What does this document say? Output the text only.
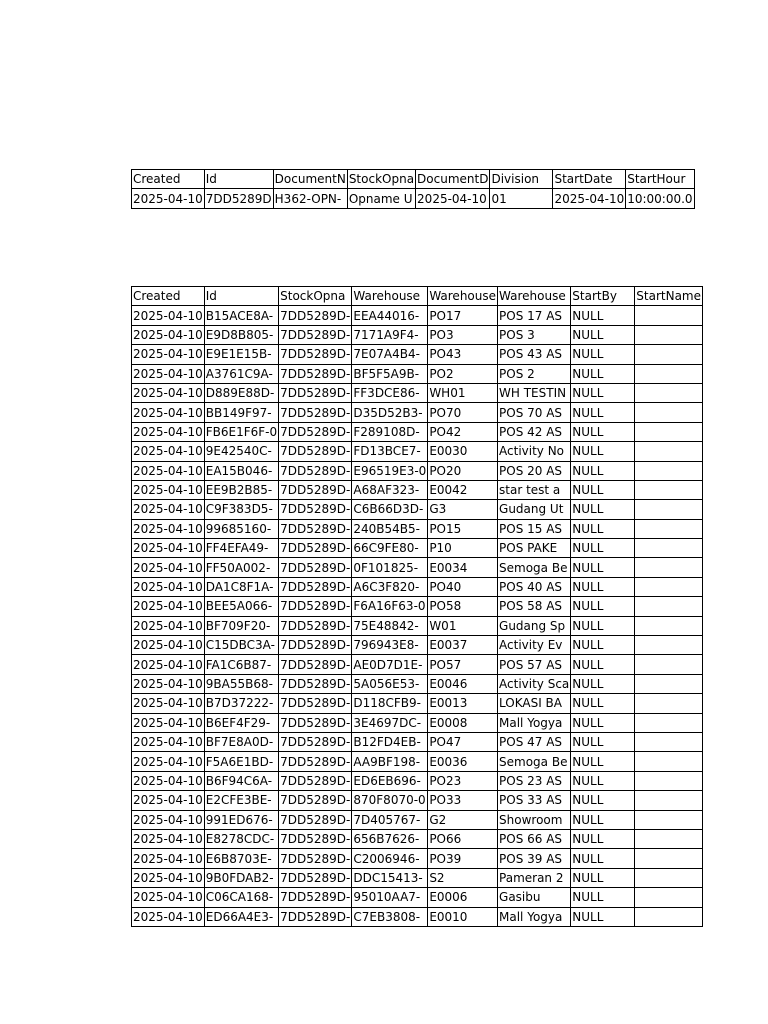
Created	Id	DocumentN	StockOpna	DocumentD	Division	StartDate	StartHour
2025-04-10	7DD5289D	H362-OPN-	Opname U	2025-04-10	01	2025-04-10	10:00:00.0
Created	Id	StockOpna	Warehouse	Warehouse	Warehouse	StartBy	StartName
2025-04-10	B15ACE8A-	7DD5289D-	EEA44016-	PO17	POS 17 AS	NULL	
2025-04-10	E9D8B805-	7DD5289D-	7171A9F4-	PO3	POS 3	NULL	
2025-04-10	E9E1E15B-	7DD5289D-	7E07A4B4-	PO43	POS 43 AS	NULL	
2025-04-10	A3761C9A-	7DD5289D-	BF5F5A9B-	PO2	POS 2	NULL	
2025-04-10	D889E88D-	7DD5289D-	FF3DCE86-	WH01	WH TESTIN	NULL	
2025-04-10	BB149F97-	7DD5289D-	D35D52B3-	PO70	POS 70 AS	NULL	
2025-04-10	FB6E1F6F-0	7DD5289D-	F289108D-	PO42	POS 42 AS	NULL	
2025-04-10	9E42540C-	7DD5289D-	FD13BCE7-	E0030	Activity No	NULL	
2025-04-10	EA15B046-	7DD5289D-	E96519E3-0	PO20	POS 20 AS	NULL	
2025-04-10	EE9B2B85-	7DD5289D-	A68AF323-	E0042	star test a	NULL	
2025-04-10	C9F383D5-	7DD5289D-	C6B66D3D-	G3	Gudang Ut	NULL	
2025-04-10	99685160-	7DD5289D-	240B54B5-	PO15	POS 15 AS	NULL	
2025-04-10	FF4EFA49-	7DD5289D-	66C9FE80-	P10	POS PAKE	NULL	
2025-04-10	FF50A002-	7DD5289D-	0F101825-	E0034	Semoga Be	NULL	
2025-04-10	DA1C8F1A-	7DD5289D-	A6C3F820-	PO40	POS 40 AS	NULL	
2025-04-10	BEE5A066-	7DD5289D-	F6A16F63-0	PO58	POS 58 AS	NULL	
2025-04-10	BF709F20-	7DD5289D-	75E48842-	W01	Gudang Sp	NULL	
2025-04-10	C15DBC3A-	7DD5289D-	796943E8-	E0037	Activity Ev	NULL	
2025-04-10	FA1C6B87-	7DD5289D-	AE0D7D1E-	PO57	POS 57 AS	NULL	
2025-04-10	9BA55B68-	7DD5289D-	5A056E53-	E0046	Activity Sca	NULL	
2025-04-10	B7D37222-	7DD5289D-	D118CFB9-	E0013	LOKASI BA	NULL	
2025-04-10	B6EF4F29-	7DD5289D-	3E4697DC-	E0008	Mall Yogya	NULL	
2025-04-10	BF7E8A0D-	7DD5289D-	B12FD4EB-	PO47	POS 47 AS	NULL	
2025-04-10	F5A6E1BD-	7DD5289D-	AA9BF198-	E0036	Semoga Be	NULL	
2025-04-10	B6F94C6A-	7DD5289D-	ED6EB696-	PO23	POS 23 AS	NULL	
2025-04-10	E2CFE3BE-	7DD5289D-	870F8070-0	PO33	POS 33 AS	NULL	
2025-04-10	991ED676-	7DD5289D-	7D405767-	G2	Showroom	NULL	
2025-04-10	E8278CDC-	7DD5289D-	656B7626-	PO66	POS 66 AS	NULL	
2025-04-10	E6B8703E-	7DD5289D-	C2006946-	PO39	POS 39 AS	NULL	
2025-04-10	9B0FDAB2-	7DD5289D-	DDC15413-	S2	Pameran 2	NULL	
2025-04-10	C06CA168-	7DD5289D-	95010AA7-	E0006	Gasibu	NULL	
2025-04-10	ED66A4E3-	7DD5289D-	C7EB3808-	E0010	Mall Yogya	NULL	
